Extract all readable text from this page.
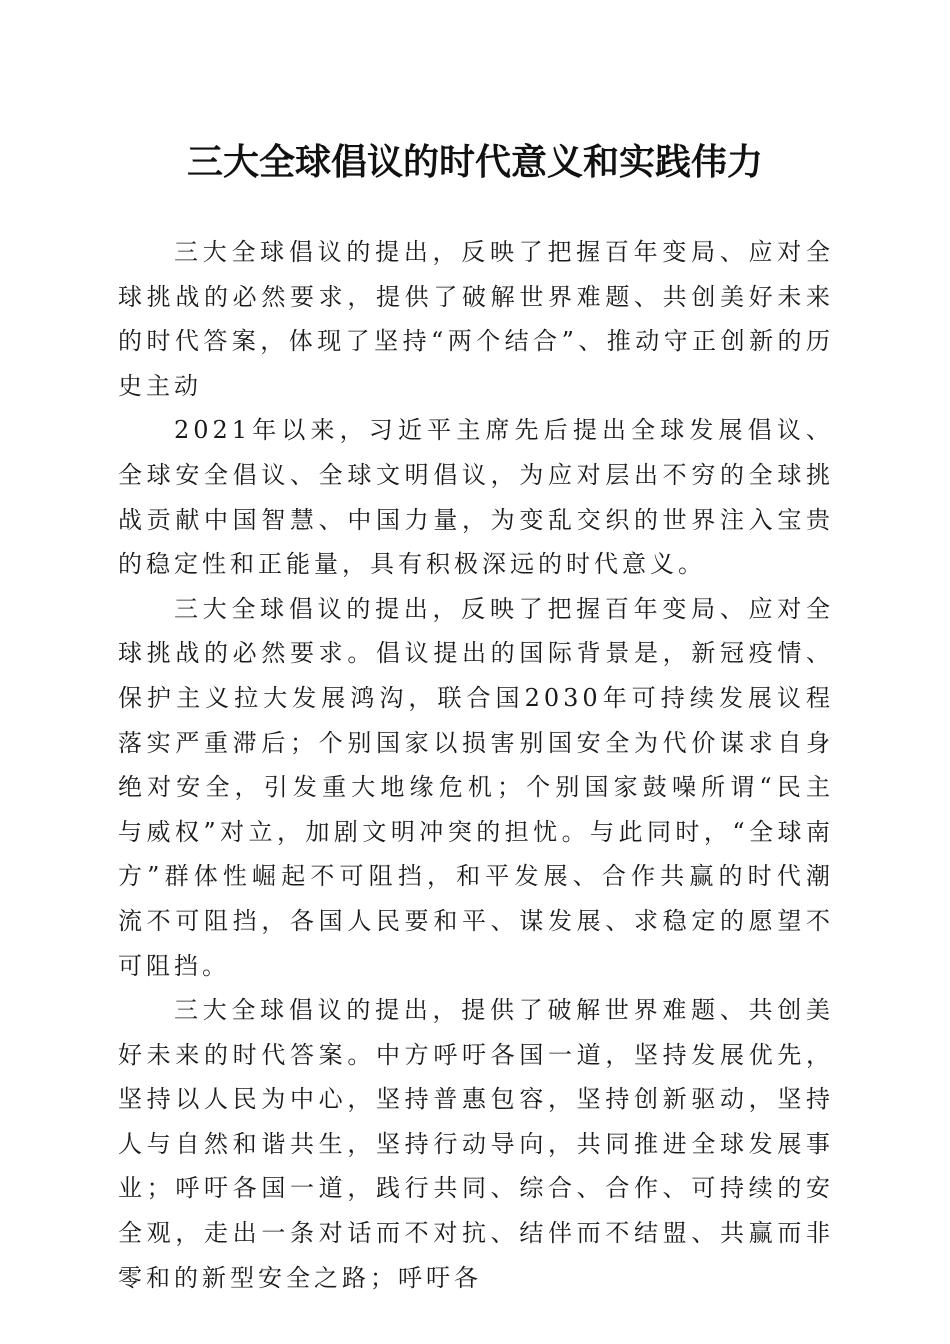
三大全球倡议的时代意义和实践伟力

三大全球倡议的提出，反映了把握百年变局、应对全球挑战的必然要求，提供了破解世界难题、共创美好未来的时代答案，体现了坚持“两个结合”、推动守正创新的历史主动

2021年以来，习近平主席先后提出全球发展倡议、全球安全倡议、全球文明倡议，为应对层出不穷的全球挑战贡献中国智慧、中国力量，为变乱交织的世界注入宝贵的稳定性和正能量，具有积极深远的时代意义。

三大全球倡议的提出，反映了把握百年变局、应对全球挑战的必然要求。倡议提出的国际背景是，新冠疫情、保护主义拉大发展鸿沟，联合国2030年可持续发展议程落实严重滞后；个别国家以损害别国安全为代价谋求自身绝对安全，引发重大地缘危机；个别国家鼓噪所谓“民主与威权”对立，加剧文明冲突的担忧。与此同时，“全球南方”群体性崛起不可阻挡，和平发展、合作共赢的时代潮流不可阻挡，各国人民要和平、谋发展、求稳定的愿望不可阻挡。

三大全球倡议的提出，提供了破解世界难题、共创美好未来的时代答案。中方呼吁各国一道，坚持发展优先，坚持以人民为中心，坚持普惠包容，坚持创新驱动，坚持人与自然和谐共生，坚持行动导向，共同推进全球发展事业；呼吁各国一道，践行共同、综合、合作、可持续的安全观，走出一条对话而不对抗、结伴而不结盟、共赢而非零和的新型安全之路；呼吁各
